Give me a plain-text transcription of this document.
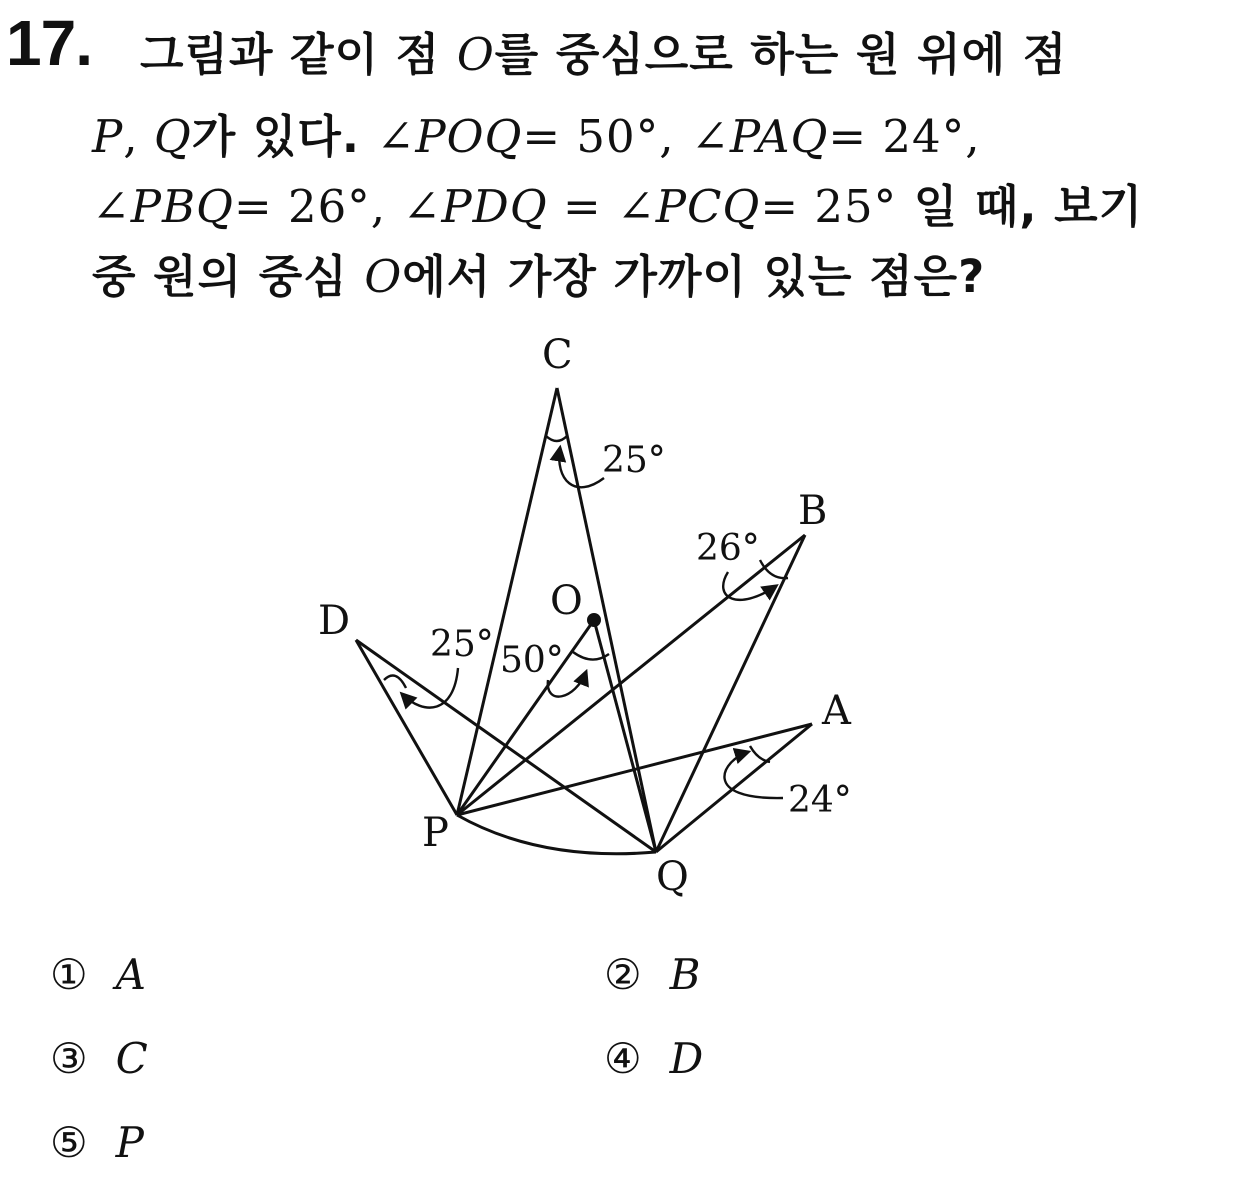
17. 그림과 같이 점 O를 중심으로 하는 원 위에 점
P, Q가 있다. ∠POQ= 50°, ∠PAQ= 24°,
∠PBQ= 26°, ∠PDQ = ∠PCQ= 25° 일 때, 보기
중 원의 중심 O에서 가장 가까이 있는 점은?
C
B
O
D
A
P
Q
25°
26°
50°
25°
24°
① A	② B
③ C	④ D
⑤ P
